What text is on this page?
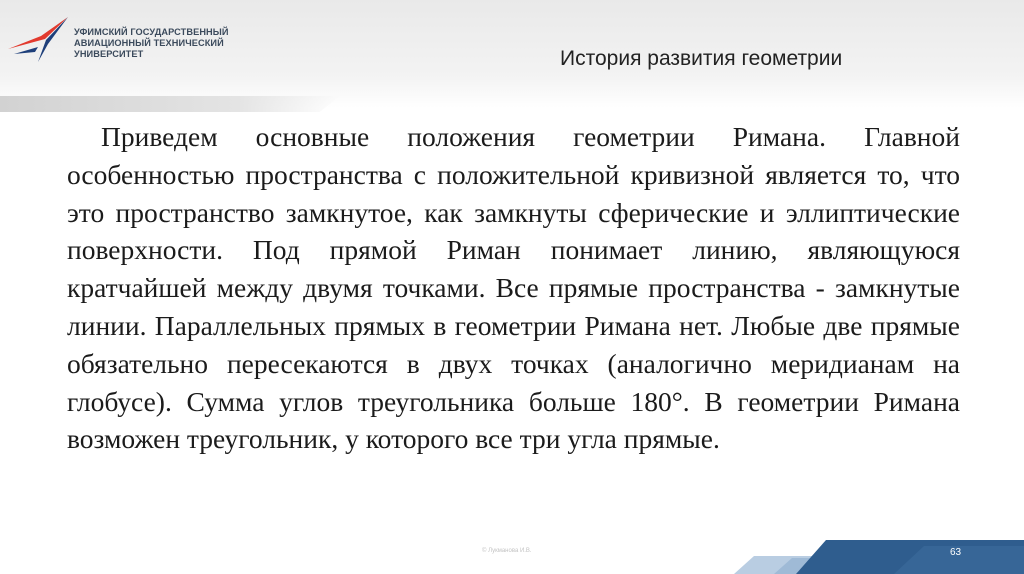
УФИМСКИЙ ГОСУДАРСТВЕННЫЙ
АВИАЦИОННЫЙ ТЕХНИЧЕСКИЙ
УНИВЕРСИТЕТ	История развития геометрии

Приведем основные положения геометрии Римана. Главной особенностью пространства с положительной кривизной является то, что это пространство замкнутое, как замкнуты сферические и эллиптические поверхности. Под прямой Риман понимает линию, являющуюся кратчайшей между двумя точками. Все прямые пространства - замкнутые линии. Параллельных прямых в геометрии Римана нет. Любые две прямые обязательно пересекаются в двух точках (аналогично меридианам на глобусе). Сумма углов треугольника больше 180°. В геометрии Римана возможен треугольник, у которого все три угла прямые.

© Лукманова И.В.	63
